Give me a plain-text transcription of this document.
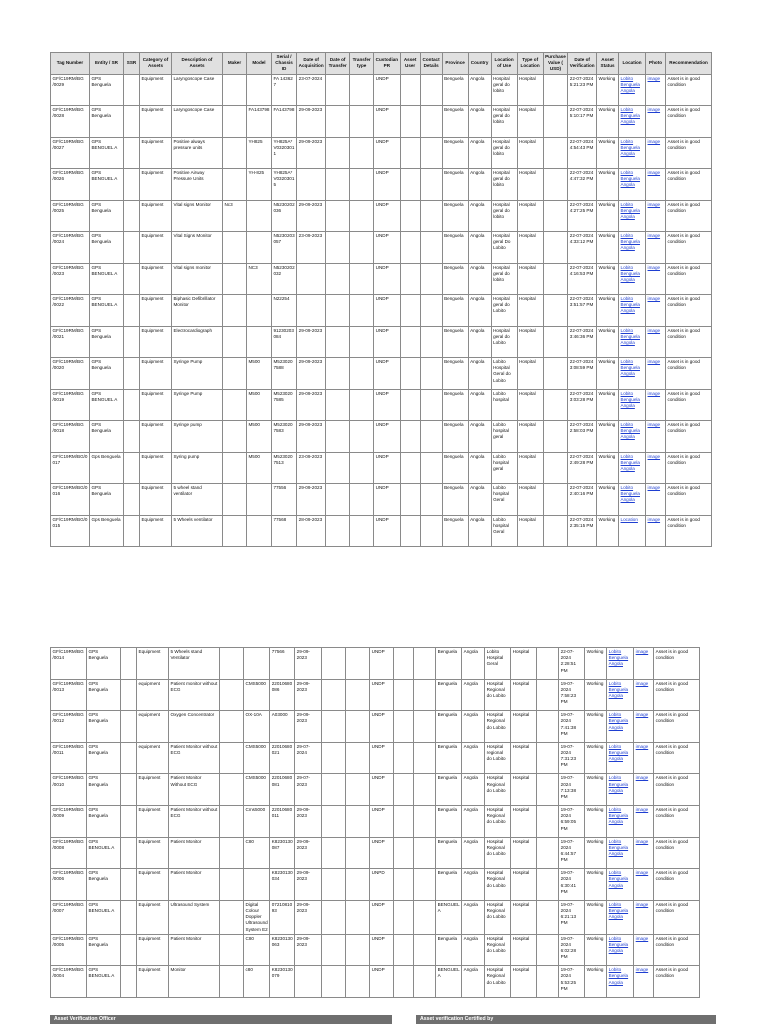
Tag Number	Entity / SR	SSR	Category of Assets	Description of Assets	Maker	Model	Serial / Chassis ID	Date of Acquisition	Date of Transfer	Transfer type	Custodian PR	Asset User	Contact Details	Province	Country	Location of Use	Type of Location	Purchase Value ( USD)	Date of Verification	Asset Status	Location	Photo	Recommendation
GF/C19RM/BG /0029	GPS Benguela		Equipment	Laryngoscope Case			FA 14362 7	23-07-2024			UNDP			Benguela	Angola	Hospital geral do lobito	Hospital		22-07-2024 5:21:23 PM	Working	Lobito Benguela Angola	image	Asset is in good condition
GF/C19RM/BG /0028	GPS Benguela		Equipment	Laryngoscope Case		FA143798	FA143798	29-09-2023			UNDP			Benguela	Angola	Hospital geral do lobito	Hospital		22-07-2024 5:10:17 PM	Working	Lobito Benguela Angola	image	Asset is in good condition
GF/C19RM/BG /0027	GPS BENGUEL A		Equipment	Positive always pressure units		YH825	YH825A* V0320301 1	29-09-2023			UNDP			Benguela	Angola	Hospital geral do lobito	Hospital		22-07-2024 4:54:43 PM	Working	Lobito Benguela Angola	image	Asset is in good condition
GF/C19RM/BG /0026	GPS BENGUEL A		Equipment	Positive Airway Pressure Units		YH-825	YH825A* V0320301 5				UNDP			Benguela	Angola	Hospital geral do lobito	Hospital		22-07-2024 4:47:32 PM	Working	Lobito Benguela Angola	image	Asset is in good condition
GF/C19RM/BG /0025	GPS Benguela		Equipment	Vital signs Monitor	Nc3		N5230202 036	29-09-2023			UNDP			Benguela	Angola	Hospital geral do lobito	Hospital		22-07-2024 4:27:25 PM	Working	Lobito Benguela Angola	image	Asset is in good condition
GF/C19RM/BG /0024	GPS Benguela		Equipment	Vital Signs Monitor			N5230203 057	23-09-2023			UNDP			Benguela	Angola	Hospital geral Do Lobito	Hospital		22-07-2024 4:33:12 PM	Working	Lobito Benguela Angola	image	Asset is in good condition
GF/C19RM/BG /0023	GPS BENGUEL A		Equipment	Vital signs monitor		NC3	N5230202 032				UNDP			Benguela	Angola	Hospital geral do lobito	Hospital		22-07-2024 4:16:53 PM	Working	Lobito Benguela Angola	image	Asset is in good condition
GF/C19RM/BG /0022	GPS BENGUEL A		Equipment	Biphasic Defibrillator Monitor			N22254				UNDP			Benguela	Angola	Hospital geral do Lobito	Hospital		22-07-2024 3:51:57 PM	Working	Lobito Benguela Angola	image	Asset is in good condition
GF/C19RM/BG /0021	GPS Benguela		Equipment	Electrocardiograph			91230203 084	29-09-2023			UNDP			Benguela	Angola	Hospital geral do Lobito	Hospital		22-07-2024 3:46:36 PM	Working	Lobito Benguela Angola	image	Asset is in good condition
GF/C19RM/BG /0020	GPS Benguela		Equipment	Syringe Pump		M500	M523020 7588	29-09-2023			UNDP			Benguela	Angola	Lobito Hospital Geral do Lobito	Hospital		22-07-2024 3:08:59 PM	Working	Lobito Benguela Angola	image	Asset is in good condition
GF/C19RM/BG /0019	GPS BENGUEL A		Equipment	Syringe Pump		M500	M523020 7585	29-09-2023			UNDP			Benguela	Angola	Lobito hospital	Hospital		22-07-2024 3:03:28 PM	Working	Lobito Benguela Angola	image	Asset is in good condition
GF/C19RM/BG /0018	GPS Benguela		Equipment	Syringe pump		M500	M523020 7583	29-09-2023			UNDP			Benguela	Angola	Lobito hospital geral	Hospital		22-07-2024 2:58:03 PM	Working	Lobito Benguela Angola	image	Asset is in good condition
GF/C19RM/BG/0 017	Gps Benguela		Equipment	Syring pump		M500	M523020 7513	23-09-2023			UNDP			Benguela	Angola	Lobito hospital geral	Hospital		22-07-2024 2:49:28 PM	Working	Lobito Benguela Angola	image	Asset is in good condition
GF/C19RM/BG/0 016	GPS Benguela		Equipment	5 wheel stand ventilator			77556	29-09-2023			UNDP			Benguela	Angola	Lobito hospital Geral	Hospital		22-07-2024 2:40:16 PM	Working	Lobito Benguela Angola	image	Asset is in good condition
GF/C19RM/BG/0 015	Gps Benguela		Equipment	5 Wheels ventilator			77568	28-09-2023			UNDP			Benguela	Angola	Lobito hospital Geral	Hospital		22-07-2024 2:35:15 PM	Working	Location	image	Asset is in good condition
GF/C19RM/BG /0014	GPS Benguela		Equipment	5 Wheels stand Ventilator			77566	29-09-2023			UNDP			Benguela	Angola	Lobito Hospital Geral	Hospital		22-07-2024 2:28:51 PM	Working	Lobito Benguela Angola	image	Asset is in good condition
GF/C19RM/BG /0013	GPS Benguela		equipment	Patient monitor without ECG		CMS5000	22010680 086	29-09-2023			UNDP			Benguela	Angola	Hospital Regional do Lobito	Hospital		19-07-2024 7:58:23 PM	Working	Lobito Benguela Angola	image	Asset is in good condition
GF/C19RM/BG /0012	GPS Benguela		equipment	Oxygen Concentrator		OX-10A	A03000	29-09-2023			UNDP			Benguela	Angola	Hospital Regional do Lobito	Hospital		19-07-2024 7:41:38 PM	Working	Lobito Benguela Angola	image	Asset is in good condition
GF/C19RM/BG /0011	GPS Benguela		equipment	Patient Monitor without ECG		CMS5000	22010680 021	29-07-2024			UNDP			Benguela	Angola	Hospital regional do Lobito	Hospital		19-07-2024 7:31:23 PM	Working	Lobito Benguela Angola	image	Asset is in good condition
GF/C19RM/BG /0010	GPS Benguela		Equipment	Patient Monitor Without ECG		CMS5000	22010680 081	29-07-2023			UNDP			Benguela	Angola	Hospital Regional do Lobito	Hospital		19-07-2024 7:13:38 PM	Working	Lobito Benguela Angola	image	Asset is in good condition
GF/C19RM/BG /0009	GPS Benguela		Equipment	Patient Monitor without ECG		Cms5000	22010680 011	29-09-2023			UNDP			Benguela	Angola	Hospital Regional do Lobito	Hospital		19-07-2024 6:59:05 PM	Working	Lobito Benguela Angola	image	Asset is in good condition
GF/C19RM/BG /0008	GPS BENGUEL A		Equipment	Patient Monitor		C80	K8230130 087	29-09-2023			UNDP			Benguela	Angola	Hospital Regional do Lobito	Hospital		19-07-2024 6:44:57 PM	Working	Lobito Benguela Angola	image	Asset is in good condition
GF/C19RM/BG /0006	GPS Benguela		Equipment	Patient Monitor			K8230130 034	29-09-2023			UNPD			Benguela	Angola	Hospital Regional do Lobito	Hospital		19-07-2024 6:30:41 PM	Working	Lobito Benguela Angola	image	Asset is in good condition
GF/C19RM/BG /0007	GPS BENGUEL A		Equipment	Ultrasound System		Digital Colour Doppler Ultrasound System E2	07210810 93	29-09-2023			UNDP			BENGUEL A	Angola	Hospital Regional do Lobito	Hospital		19-07-2024 6:21:13 PM	Working	Lobito Benguela Angola	image	Asset is in good condition
GF/C19RM/BG /0005	GPS Benguela		Equipment	Patient Monitor		C80	K8230130 063	29-09-2023			UNDP			Benguela	Angola	Hospital Regional do Lobito	Hospital		19-07-2024 6:02:28 PM	Working	Lobito Benguela Angola	image	Asset is in good condition
GF/C19RM/BG /0004	GPS BENGUEL A		Equipment	Monitor		c80	K8230130 079				UNDP			BENGUEL A	Angola	Hospital Regional do Lobito	Hospital		19-07-2024 5:53:25 PM	Working	Lobito Benguela Angola	image	Asset is in good condition
Asset Verification Officer	Asset verification Certified by
